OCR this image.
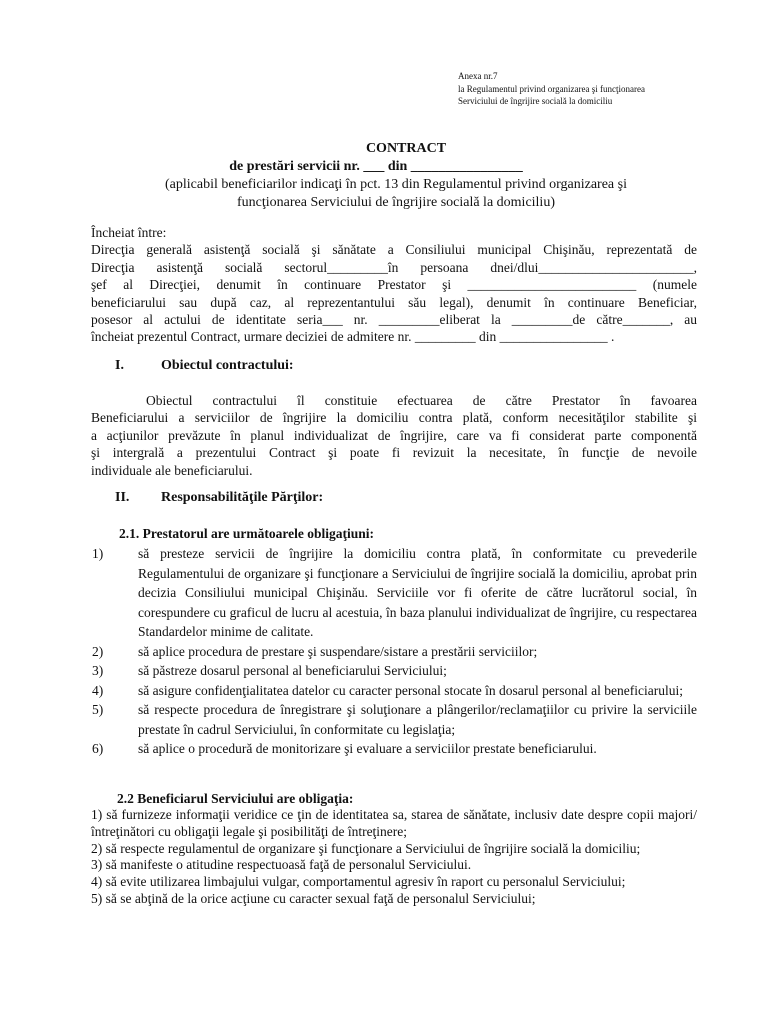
Anexa nr.7
la Regulamentul privind organizarea şi funcţionarea
Serviciului de îngrijire socială la domiciliu
CONTRACT
de prestări servicii nr. ___ din ________________
(aplicabil beneficiarilor indicaţi în pct. 13 din Regulamentul privind organizarea şi
funcţionarea Serviciului de îngrijire socială la domiciliu)
Încheiat între:
Direcţia generală asistenţă socială şi sănătate a Consiliului municipal Chişinău, reprezentată de
Direcţia asistenţă socială sectorul_________în persoana dnei/dlui_______________________,
şef al Direcţiei, denumit în continuare Prestator şi _________________________ (numele
beneficiarului sau după caz, al reprezentantului său legal), denumit în continuare Beneficiar,
posesor al actului de identitate seria___ nr. _________eliberat la _________de către_______, au
încheiat prezentul Contract, urmare deciziei de admitere nr. _________ din ________________ .
I.	Obiectul contractului:
Obiectul contractului îl constituie efectuarea de către Prestator în favoarea
Beneficiarului a serviciilor de îngrijire la domiciliu contra plată, conform necesităţilor stabilite şi
a acţiunilor prevăzute în planul individualizat de îngrijire, care va fi considerat parte componentă
şi intergrală a prezentului Contract şi poate fi revizuit la necesitate, în funcţie de nevoile
individuale ale beneficiarului.
II. Responsabilităţile Părţilor:
2.1. Prestatorul are următoarele obligaţiuni:
1)	să presteze servicii de îngrijire la domiciliu contra plată, în conformitate cu prevederile Regulamentului de organizare şi funcţionare a Serviciului de îngrijire socială la domiciliu, aprobat prin decizia Consiliului municipal Chişinău. Serviciile vor fi oferite de către lucrătorul social, în corespundere cu graficul de lucru al acestuia, în baza planului individualizat de îngrijire, cu respectarea Standardelor minime de calitate.
2)	să aplice procedura de prestare şi suspendare/sistare a prestării serviciilor;
3)	să păstreze dosarul personal al beneficiarului Serviciului;
4)	să asigure confidenţialitatea datelor cu caracter personal stocate în dosarul personal al beneficiarului;
5)	să respecte procedura de înregistrare şi soluţionare a plângerilor/reclamaţiilor cu privire la serviciile prestate în cadrul Serviciului, în conformitate cu legislaţia;
6)	să aplice o procedură de monitorizare şi evaluare a serviciilor prestate beneficiarului.
2.2 Beneficiarul Serviciului are obligaţia:

1) să furnizeze informaţii veridice ce ţin de identitatea sa, starea de sănătate, inclusiv date despre copii majori/întreţinători cu obligaţii legale şi posibilităţi de întreţinere;

2) să respecte regulamentul de organizare şi funcţionare a Serviciului de îngrijire socială la domiciliu;

3) să manifeste o atitudine respectuoasă faţă de personalul Serviciului.

4) să evite utilizarea limbajului vulgar, comportamentul agresiv în raport cu personalul Serviciului;

5) să se abţină de la orice acţiune cu caracter sexual faţă de personalul Serviciului;
